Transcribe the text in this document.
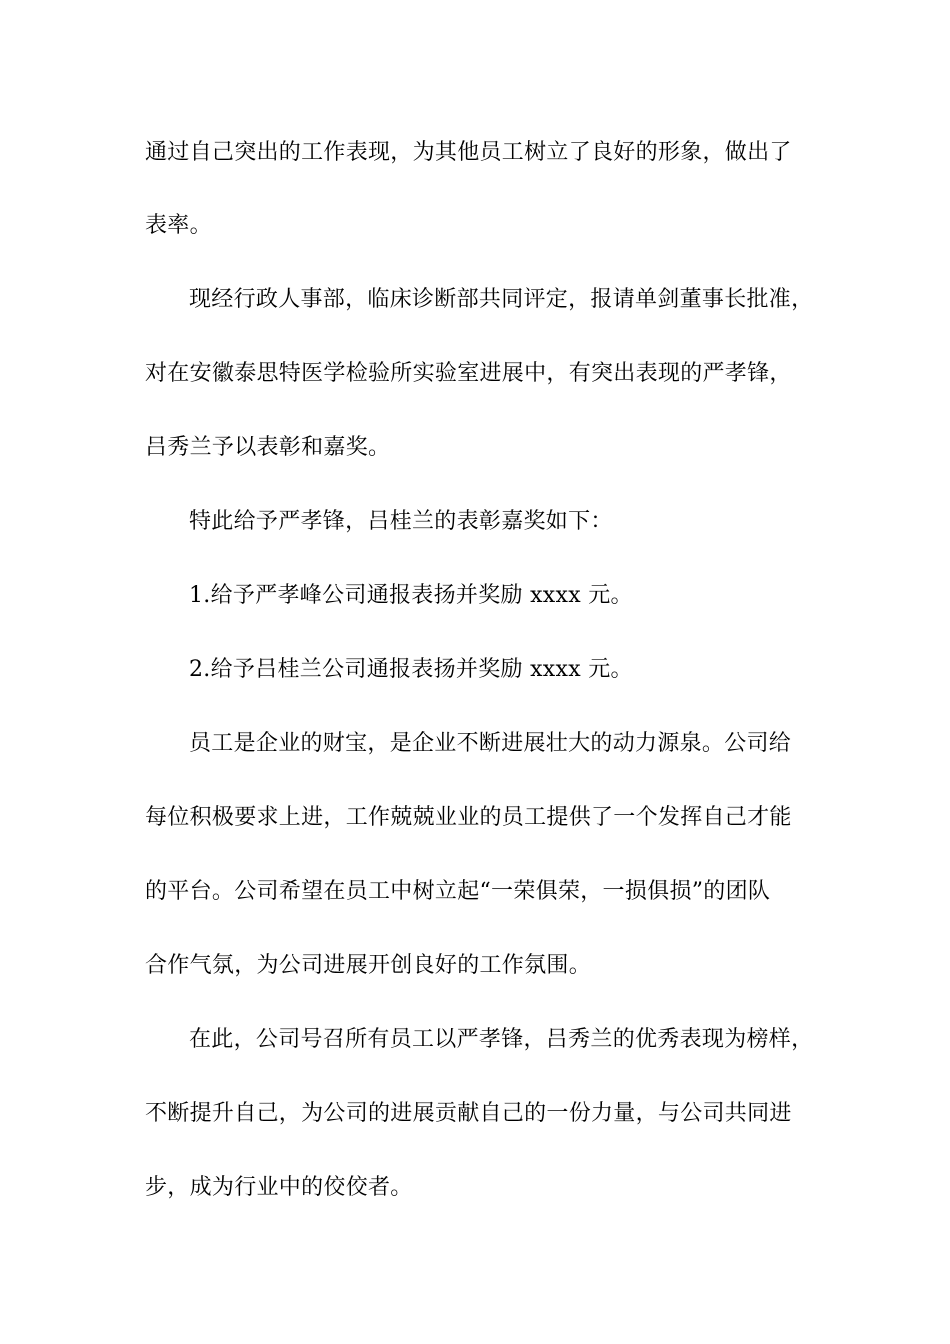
通过自己突出的工作表现，为其他员工树立了良好的形象，做出了
表率。
现经行政人事部，临床诊断部共同评定，报请单剑董事长批准，
对在安徽泰思特医学检验所实验室进展中，有突出表现的严孝锋，
吕秀兰予以表彰和嘉奖。
特此给予严孝锋，吕桂兰的表彰嘉奖如下：
1.给予严孝峰公司通报表扬并奖励 xxxx 元。
2.给予吕桂兰公司通报表扬并奖励 xxxx 元。
员工是企业的财宝，是企业不断进展壮大的动力源泉。公司给
每位积极要求上进，工作兢兢业业的员工提供了一个发挥自己才能
的平台。公司希望在员工中树立起“一荣俱荣，一损俱损”的团队
合作气氛，为公司进展开创良好的工作氛围。
在此，公司号召所有员工以严孝锋，吕秀兰的优秀表现为榜样，
不断提升自己，为公司的进展贡献自己的一份力量，与公司共同进
步，成为行业中的佼佼者。
